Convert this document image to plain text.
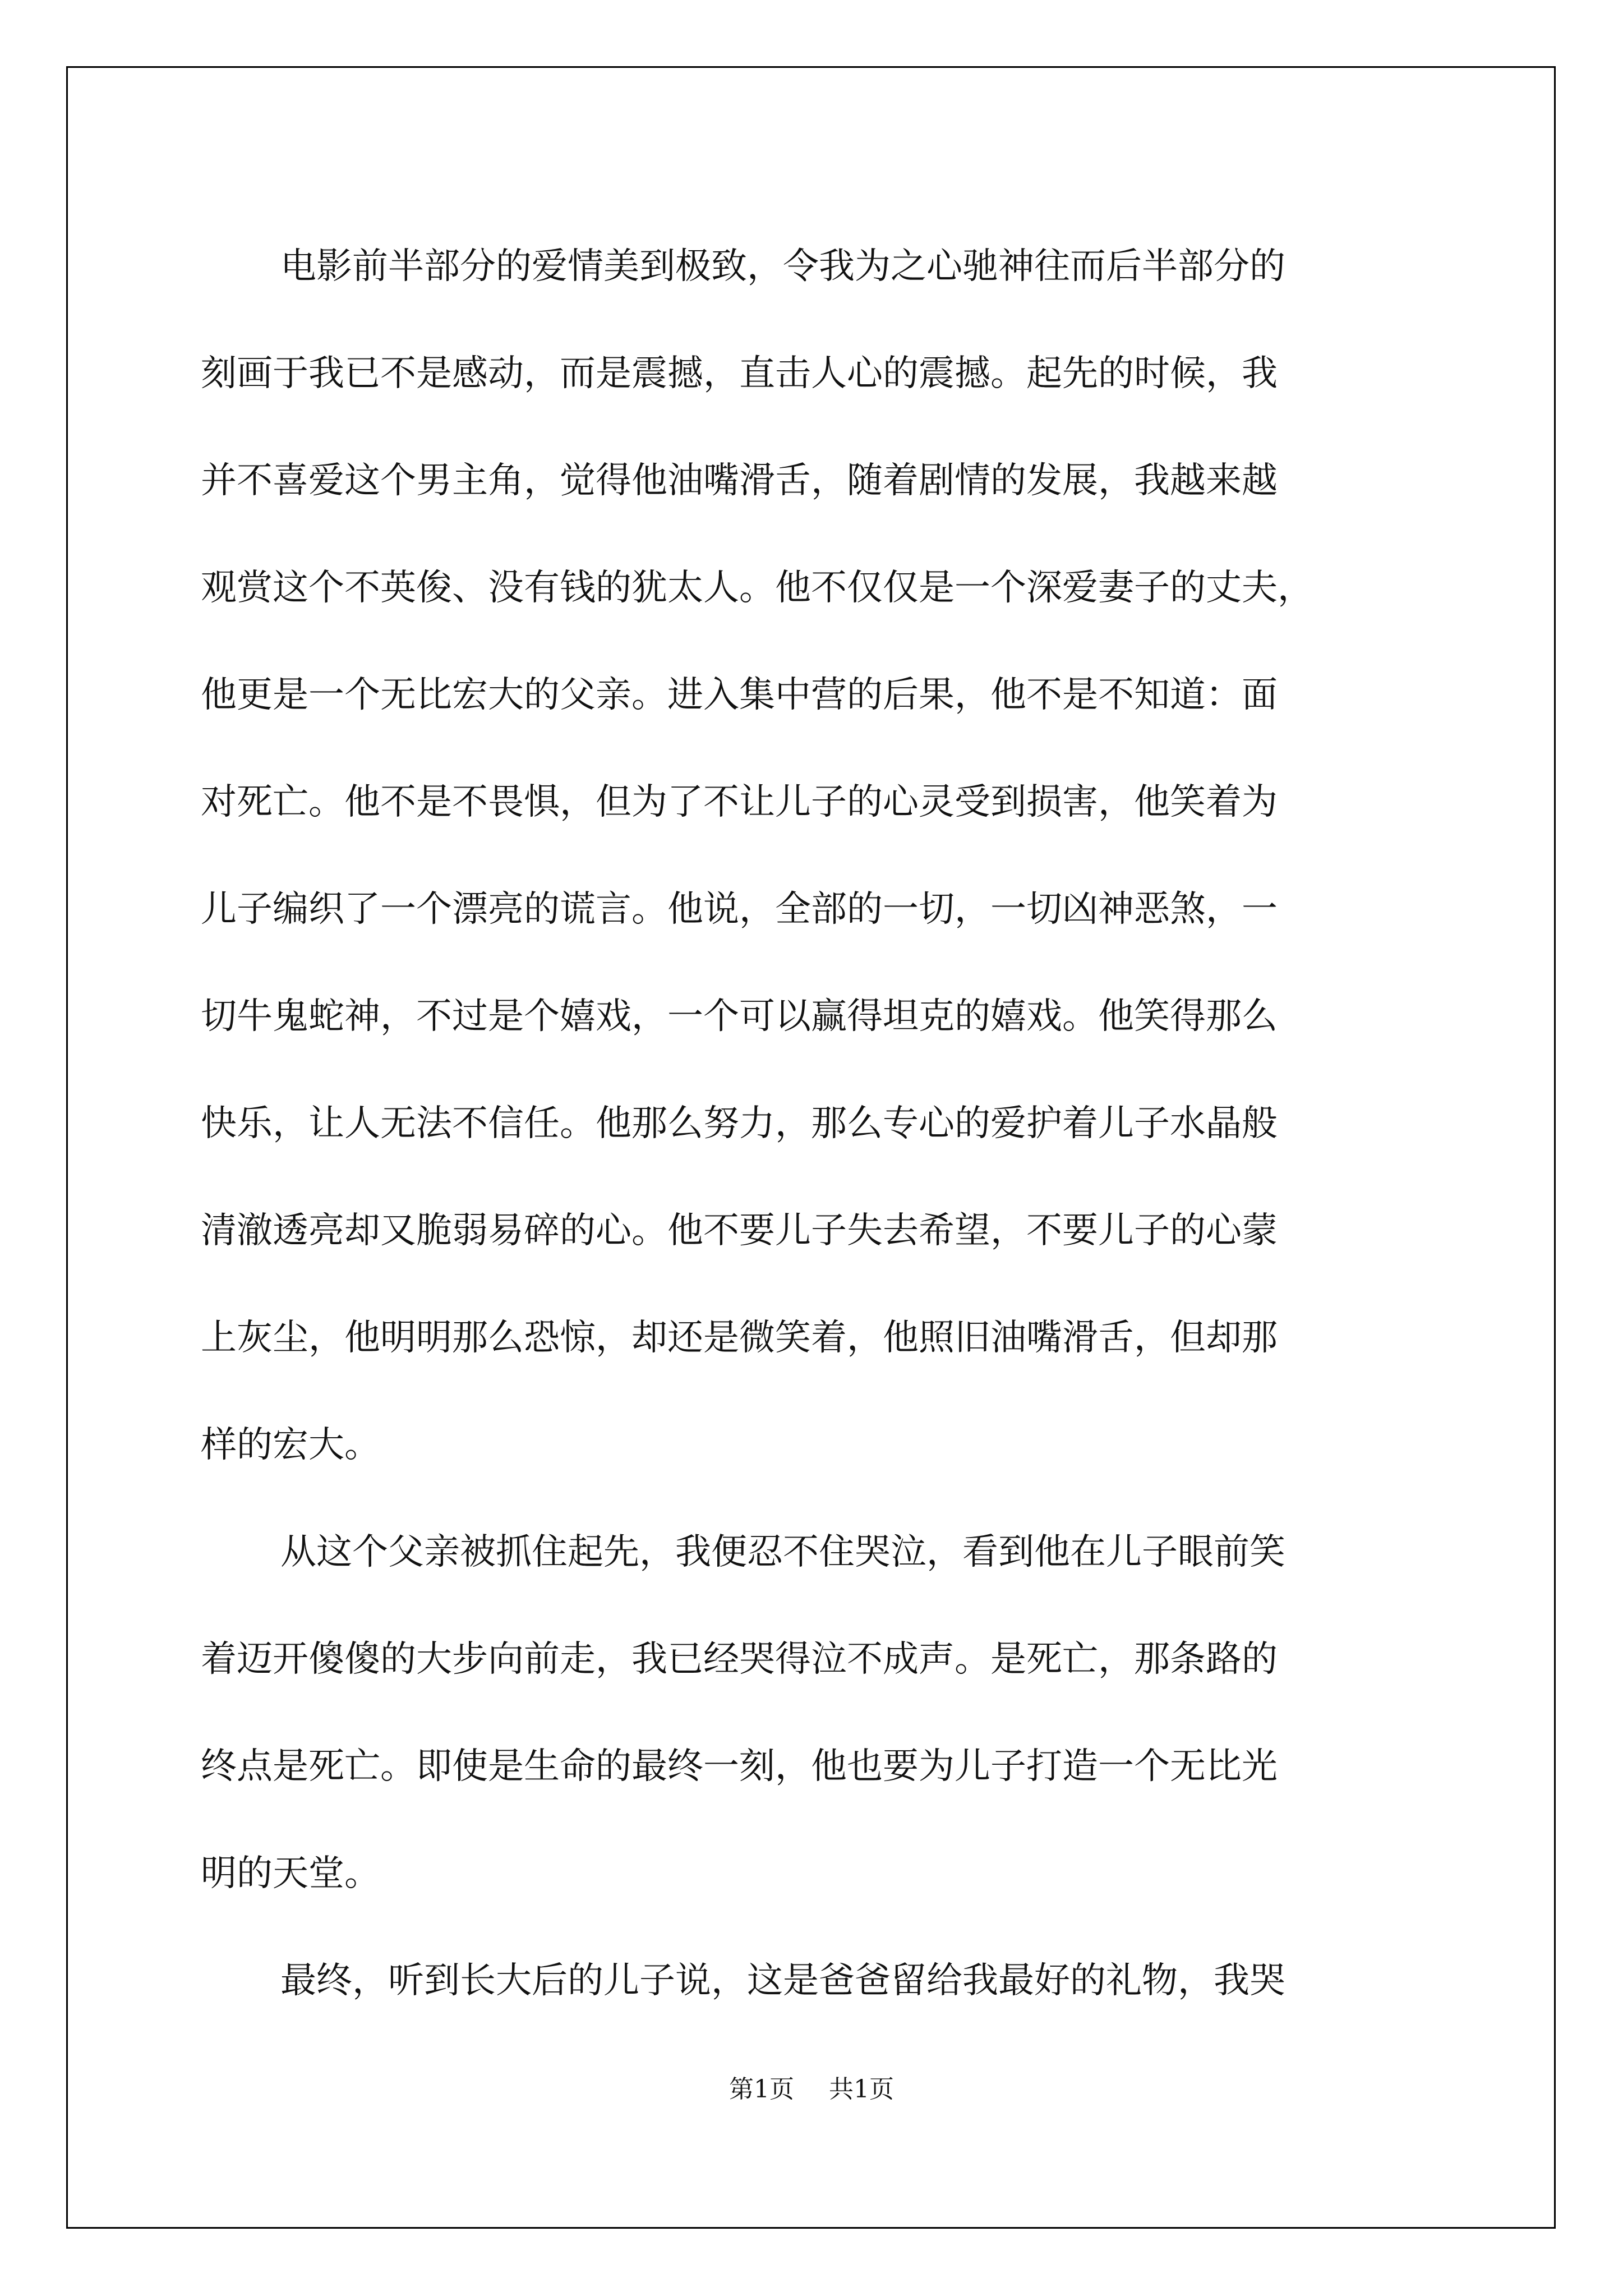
电影前半部分的爱情美到极致，令我为之心驰神往而后半部分的
刻画于我已不是感动，而是震撼，直击人心的震撼。起先的时候，我
并不喜爱这个男主角，觉得他油嘴滑舌，随着剧情的发展，我越来越
观赏这个不英俊、没有钱的犹太人。他不仅仅是一个深爱妻子的丈夫，
他更是一个无比宏大的父亲。进入集中营的后果，他不是不知道：面
对死亡。他不是不畏惧，但为了不让儿子的心灵受到损害，他笑着为
儿子编织了一个漂亮的谎言。他说，全部的一切，一切凶神恶煞，一
切牛鬼蛇神，不过是个嬉戏，一个可以赢得坦克的嬉戏。他笑得那么
快乐，让人无法不信任。他那么努力，那么专心的爱护着儿子水晶般
清澈透亮却又脆弱易碎的心。他不要儿子失去希望，不要儿子的心蒙
上灰尘，他明明那么恐惊，却还是微笑着，他照旧油嘴滑舌，但却那
样的宏大。
从这个父亲被抓住起先，我便忍不住哭泣，看到他在儿子眼前笑
着迈开傻傻的大步向前走，我已经哭得泣不成声。是死亡，那条路的
终点是死亡。即使是生命的最终一刻，他也要为儿子打造一个无比光
明的天堂。
最终，听到长大后的儿子说，这是爸爸留给我最好的礼物，我哭
第1页 共1页
